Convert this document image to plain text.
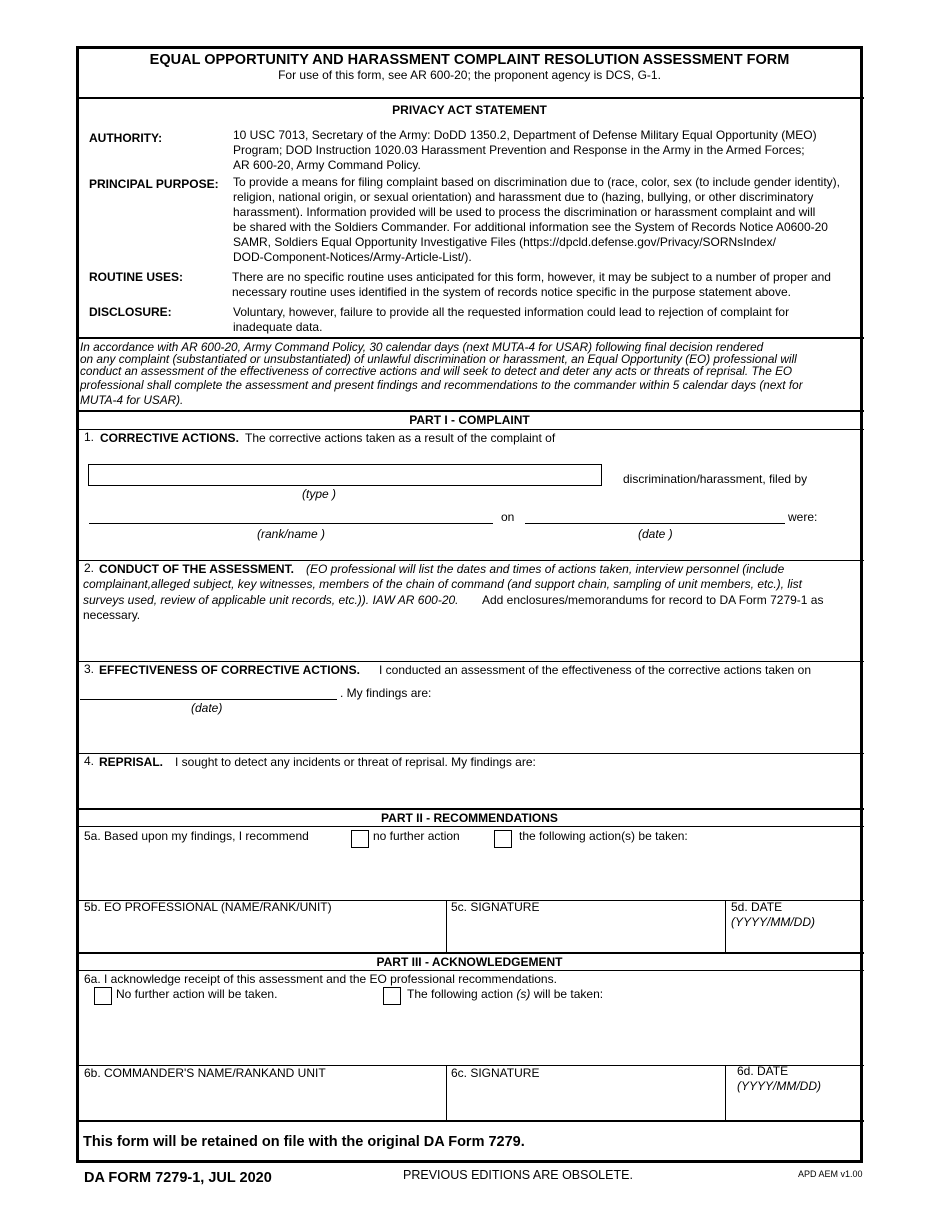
EQUAL OPPORTUNITY AND HARASSMENT COMPLAINT RESOLUTION ASSESSMENT FORM
For use of this form, see AR 600-20; the proponent agency is DCS, G-1.
PRIVACY ACT STATEMENT
AUTHORITY:	10 USC 7013, Secretary of the Army: DoDD 1350.2, Department of Defense Military Equal Opportunity (MEO)
Program; DOD Instruction 1020.03 Harassment Prevention and Response in the Army in the Armed Forces;
AR 600-20, Army Command Policy.
PRINCIPAL PURPOSE: To provide a means for filing complaint based on discrimination due to (race, color, sex (to include gender identity),
religion, national origin, or sexual orientation) and harassment due to (hazing, bullying, or other discriminatory
harassment). Information provided will be used to process the discrimination or harassment complaint and will
be shared with the Soldiers Commander. For additional information see the System of Records Notice A0600-20
SAMR, Soldiers Equal Opportunity Investigative Files (https://dpcld.defense.gov/Privacy/SORNsIndex/
DOD-Component-Notices/Army-Article-List/).
ROUTINE USES:	There are no specific routine uses anticipated for this form, however, it may be subject to a number of proper and
necessary routine uses identified in the system of records notice specific in the purpose statement above.
DISCLOSURE:	Voluntary, however, failure to provide all the requested information could lead to rejection of complaint for
inadequate data.
In accordance with AR 600-20, Army Command Policy, 30 calendar days (next MUTA-4 for USAR) following final decision rendered
on any complaint (substantiated or unsubstantiated) of unlawful discrimination or harassment, an Equal Opportunity (EO) professional will
conduct an assessment of the effectiveness of corrective actions and will seek to detect and deter any acts or threats of reprisal. The EO
professional shall complete the assessment and present findings and recommendations to the commander within 5 calendar days (next for
MUTA-4 for USAR).
PART I - COMPLAINT
1. CORRECTIVE ACTIONS. The corrective actions taken as a result of the complaint of
discrimination/harassment, filed by
(type )
on	were:
(rank/name )	(date )
2. CONDUCT OF THE ASSESSMENT. (EO professional will list the dates and times of actions taken, interview personnel (include
complainant,alleged subject, key witnesses, members of the chain of command (and support chain, sampling of unit members, etc.), list
surveys used, review of applicable unit records, etc.)). IAW AR 600-20. Add enclosures/memorandums for record to DA Form 7279-1 as
necessary.
3. EFFECTIVENESS OF CORRECTIVE ACTIONS. I conducted an assessment of the effectiveness of the corrective actions taken on
. My findings are:
(date)
4. REPRISAL. I sought to detect any incidents or threat of reprisal. My findings are:
PART II - RECOMMENDATIONS
5a. Based upon my findings, I recommend	no further action	the following action(s) be taken:
5b. EO PROFESSIONAL (NAME/RANK/UNIT)	5c. SIGNATURE	5d. DATE
(YYYY/MM/DD)
PART III - ACKNOWLEDGEMENT
6a. I acknowledge receipt of this assessment and the EO professional recommendations.
No further action will be taken.	The following action (s) will be taken:
6b. COMMANDER'S NAME/RANKAND UNIT	6c. SIGNATURE	6d. DATE
(YYYY/MM/DD)
This form will be retained on file with the original DA Form 7279.
DA FORM 7279-1, JUL 2020	PREVIOUS EDITIONS ARE OBSOLETE.	APD AEM v1.00
